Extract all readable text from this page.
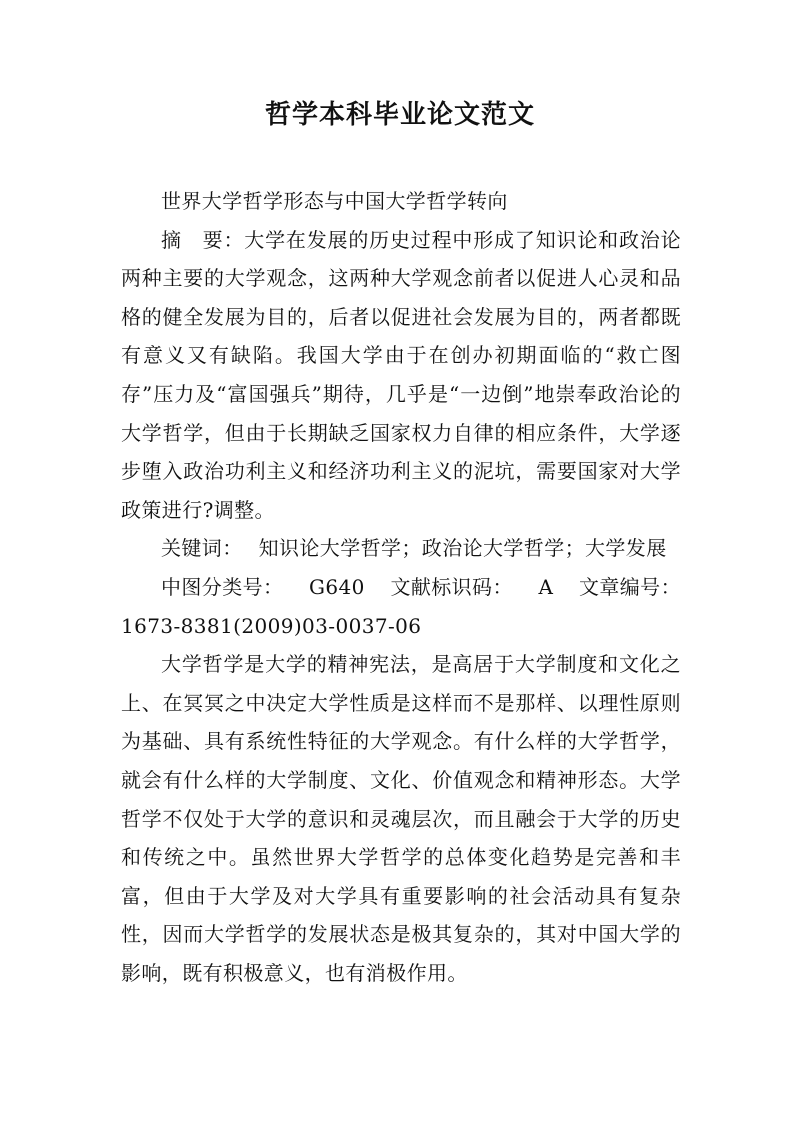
哲学本科毕业论文范文

世界大学哲学形态与中国大学哲学转向

摘　要：大学在发展的历史过程中形成了知识论和政治论两种主要的大学观念，这两种大学观念前者以促进人心灵和品格的健全发展为目的，后者以促进社会发展为目的，两者都既有意义又有缺陷。我国大学由于在创办初期面临的“救亡图存”压力及“富国强兵”期待，几乎是“一边倒”地崇奉政治论的大学哲学，但由于长期缺乏国家权力自律的相应条件，大学逐步堕入政治功利主义和经济功利主义的泥坑，需要国家对大学政策进行?调整。

关键词： 知识论大学哲学；政治论大学哲学；大学发展

中图分类号： G640 文献标识码： A 文章编号：

1673-8381(2009)03-0037-06

大学哲学是大学的精神宪法，是高居于大学制度和文化之上、在冥冥之中决定大学性质是这样而不是那样、以理性原则为基础、具有系统性特征的大学观念。有什么样的大学哲学，就会有什么样的大学制度、文化、价值观念和精神形态。大学哲学不仅处于大学的意识和灵魂层次，而且融会于大学的历史和传统之中。虽然世界大学哲学的总体变化趋势是完善和丰富，但由于大学及对大学具有重要影响的社会活动具有复杂性，因而大学哲学的发展状态是极其复杂的，其对中国大学的影响，既有积极意义，也有消极作用。
